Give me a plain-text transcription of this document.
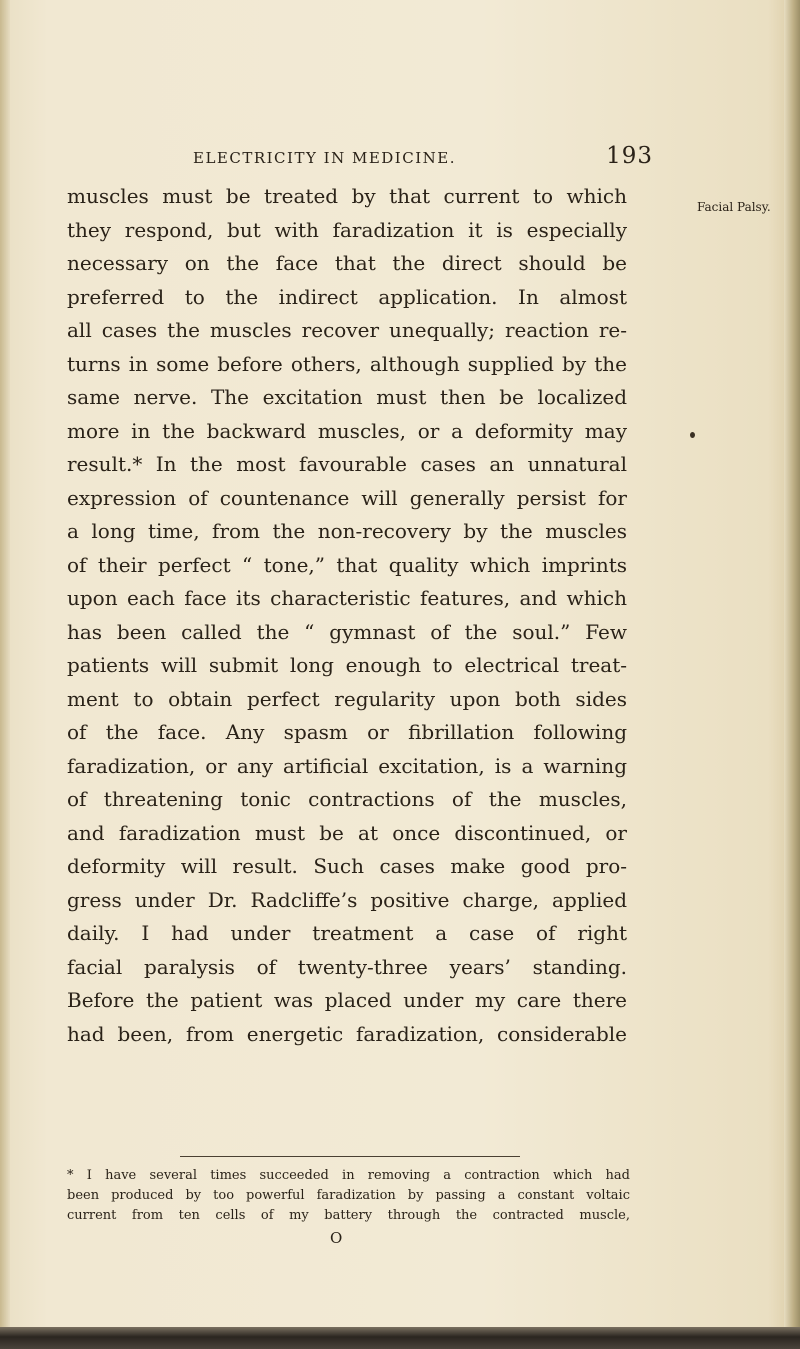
ELECTRICITY IN MEDICINE.	193
Facial Palsy.
muscles must be treated by that current to which
they respond, but with faradization it is especially
necessary on the face that the direct should be
preferred to the indirect application. In almost
all cases the muscles recover unequally; reaction re-
turns in some before others, although supplied by the
same nerve. The excitation must then be localized
more in the backward muscles, or a deformity may
result.* In the most favourable cases an unnatural
expression of countenance will generally persist for
a long time, from the non-recovery by the muscles
of their perfect “ tone,” that quality which imprints
upon each face its characteristic features, and which
has been called the “ gymnast of the soul.” Few
patients will submit long enough to electrical treat-
ment to obtain perfect regularity upon both sides
of the face. Any spasm or fibrillation following
faradization, or any artificial excitation, is a warning
of threatening tonic contractions of the muscles,
and faradization must be at once discontinued, or
deformity will result. Such cases make good pro-
gress under Dr. Radcliffe’s positive charge, applied
daily. I had under treatment a case of right
facial paralysis of twenty-three years’ standing.
Before the patient was placed under my care there
had been, from energetic faradization, considerable
* I have several times succeeded in removing a contraction which had
been produced by too powerful faradization by passing a constant voltaic
current from ten cells of my battery through the contracted muscle,
O
